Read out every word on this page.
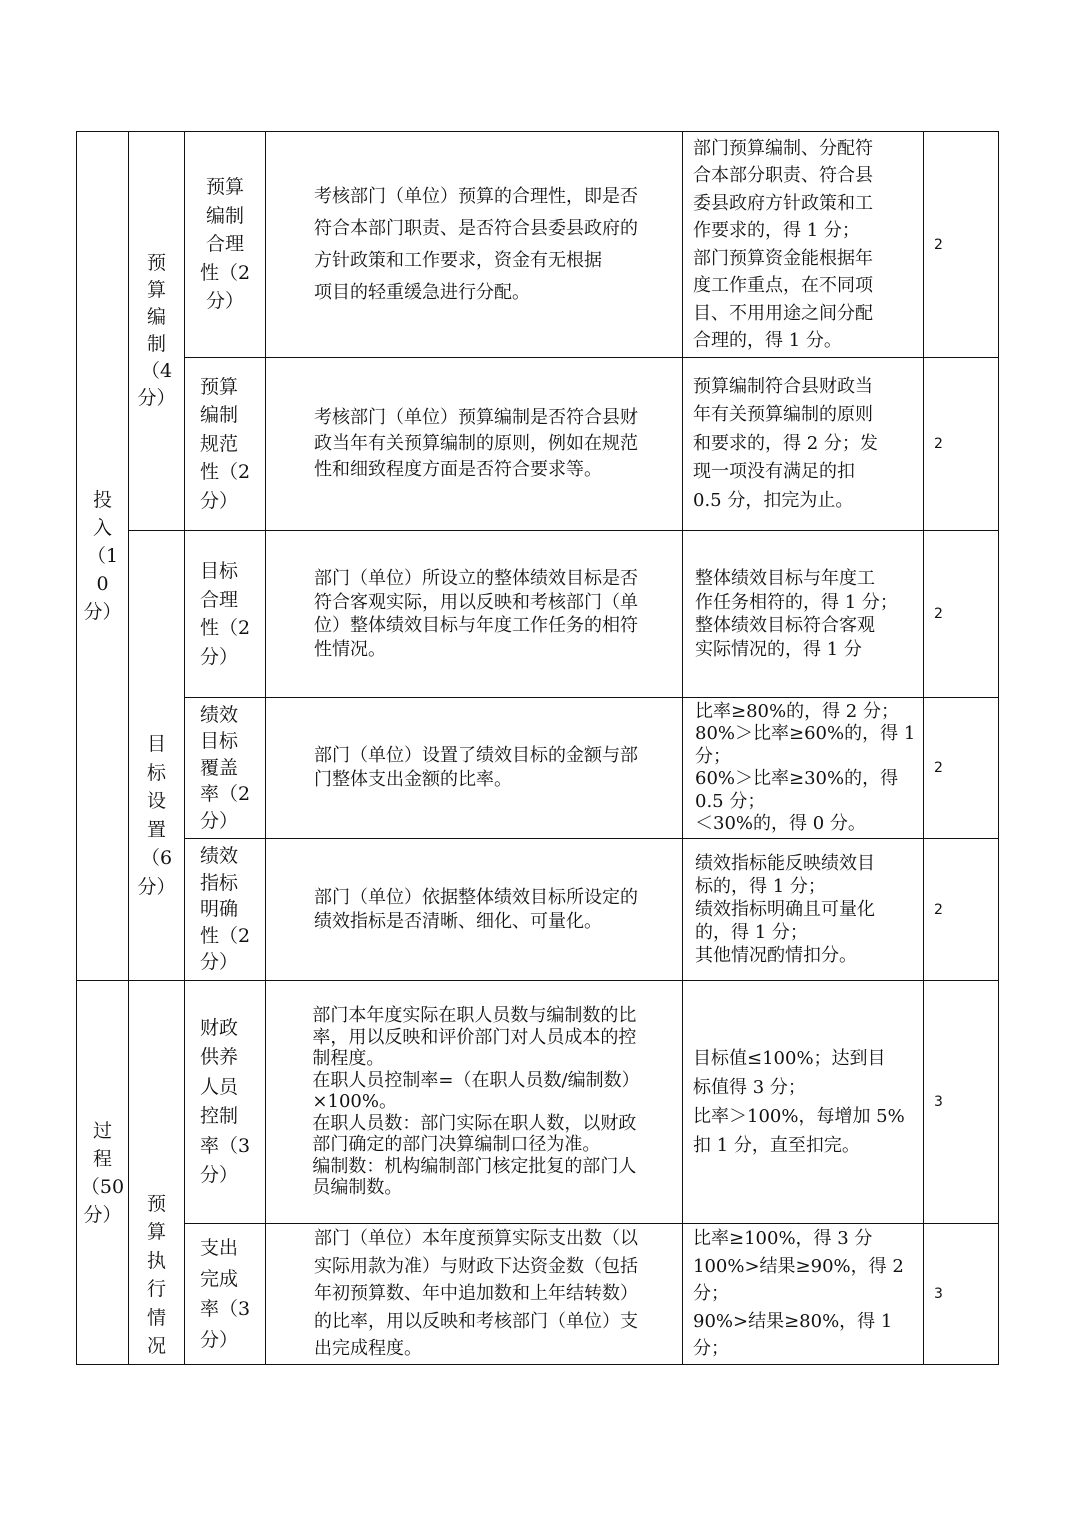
投
入
（1
0
分）
过
程
（50
分）
预
算
编
制
（4
分）
目
标
设
置
（6
分）
预
算
执
行
情
况
预算
编制
合理
性（2
分）
考核部门（单位）预算的合理性，即是否
符合本部门职责、是否符合县委县政府的
方针政策和工作要求，资金有无根据
项目的轻重缓急进行分配。
部门预算编制、分配符
合本部分职责、符合县
委县政府方针政策和工
作要求的，得 1 分；
部门预算资金能根据年
度工作重点，在不同项
目、不用用途之间分配
合理的，得 1 分。
2
预算
编制
规范
性（2
分）
考核部门（单位）预算编制是否符合县财
政当年有关预算编制的原则，例如在规范
性和细致程度方面是否符合要求等。
预算编制符合县财政当
年有关预算编制的原则
和要求的，得 2 分；发
现一项没有满足的扣
0.5 分，扣完为止。
2
目标
合理
性（2
分）
部门（单位）所设立的整体绩效目标是否
符合客观实际，用以反映和考核部门（单
位）整体绩效目标与年度工作任务的相符
性情况。
整体绩效目标与年度工
作任务相符的，得 1 分；
整体绩效目标符合客观
实际情况的，得 1 分
2
绩效
目标
覆盖
率（2
分）
部门（单位）设置了绩效目标的金额与部
门整体支出金额的比率。
比率≥80%的，得 2 分；
80%＞比率≥60%的，得 1
分；
60%＞比率≥30%的，得
0.5 分；
＜30%的，得 0 分。
2
绩效
指标
明确
性（2
分）
部门（单位）依据整体绩效目标所设定的
绩效指标是否清晰、细化、可量化。
绩效指标能反映绩效目
标的，得 1 分；
绩效指标明确且可量化
的，得 1 分；
其他情况酌情扣分。
2
财政
供养
人员
控制
率（3
分）
部门本年度实际在职人员数与编制数的比
率，用以反映和评价部门对人员成本的控
制程度。
在职人员控制率=（在职人员数/编制数）
×100%。
在职人员数：部门实际在职人数，以财政
部门确定的部门决算编制口径为准。
编制数：机构编制部门核定批复的部门人
员编制数。
目标值≤100%；达到目
标值得 3 分；
比率＞100%，每增加 5%
扣 1 分，直至扣完。
3
支出
完成
率（3
分）
部门（单位）本年度预算实际支出数（以
实际用款为准）与财政下达资金数（包括
年初预算数、年中追加数和上年结转数）
的比率，用以反映和考核部门（单位）支
出完成程度。
比率≥100%，得 3 分
100%>结果≥90%，得 2
分；
90%>结果≥80%，得 1
分；
3
